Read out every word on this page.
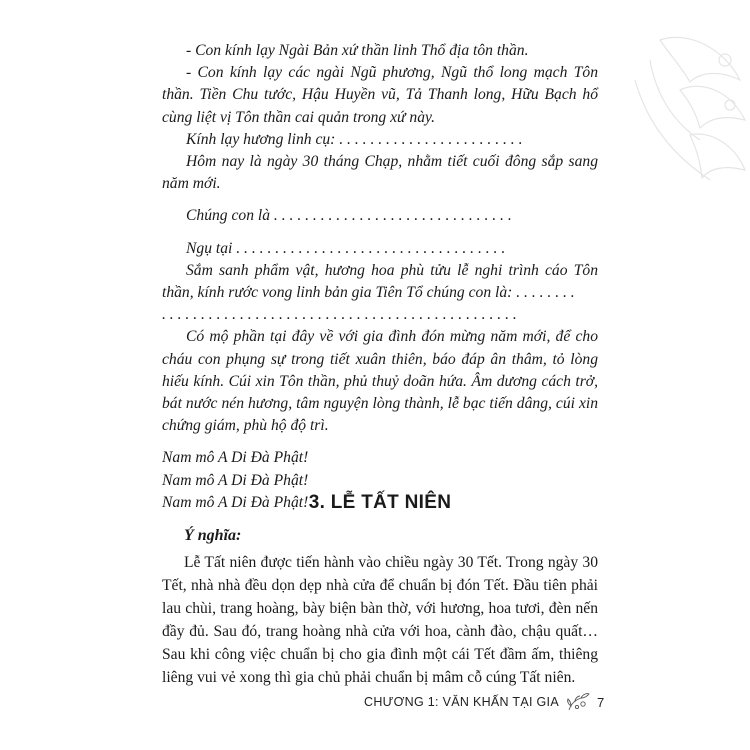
- Con kính lạy Ngài Bản xứ thần linh Thổ địa tôn thần.

- Con kính lạy các ngài Ngũ phương, Ngũ thổ long mạch Tôn thần. Tiền Chu tước, Hậu Huyền vũ, Tả Thanh long, Hữu Bạch hổ cùng liệt vị Tôn thần cai quản trong xứ này.

Kính lạy hương linh cụ: . . . . . . . . . . . . . . . . . . . . . . . .

Hôm nay là ngày 30 tháng Chạp, nhằm tiết cuối đông sắp sang năm mới.

Chúng con là . . . . . . . . . . . . . . . . . . . . . . . . . . . . . . .

Ngụ tại . . . . . . . . . . . . . . . . . . . . . . . . . . . . . . . . . . .

Sắm sanh phẩm vật, hương hoa phù tửu lễ nghi trình cáo Tôn thần, kính rước vong linh bản gia Tiên Tổ chúng con là: . . . . . . . .

. . . . . . . . . . . . . . . . . . . . . . . . . . . . . . . . . . . . . . . . . . . . . .

Có mộ phần tại đây về với gia đình đón mừng năm mới, để cho cháu con phụng sự trong tiết xuân thiên, báo đáp ân thâm, tỏ lòng hiếu kính. Cúi xin Tôn thần, phủ thuỷ doãn hứa. Âm dương cách trở, bát nước nén hương, tâm nguyện lòng thành, lễ bạc tiến dâng, cúi xin chứng giám, phù hộ độ trì.

Nam mô A Di Đà Phật!

Nam mô A Di Đà Phật!

Nam mô A Di Đà Phật! 3. LỄ TẤT NIÊN

Ý nghĩa:

Lễ Tất niên được tiến hành vào chiều ngày 30 Tết. Trong ngày 30 Tết, nhà nhà đều dọn dẹp nhà cửa để chuẩn bị đón Tết. Đầu tiên phải lau chùi, trang hoàng, bày biện bàn thờ, với hương, hoa tươi, đèn nến đầy đủ. Sau đó, trang hoàng nhà cửa với hoa, cành đào, chậu quất… Sau khi công việc chuẩn bị cho gia đình một cái Tết đầm ấm, thiêng liêng vui vẻ xong thì gia chủ phải chuẩn bị mâm cỗ cúng Tất niên.

CHƯƠNG 1: VĂN KHẤN TẠI GIA	7
